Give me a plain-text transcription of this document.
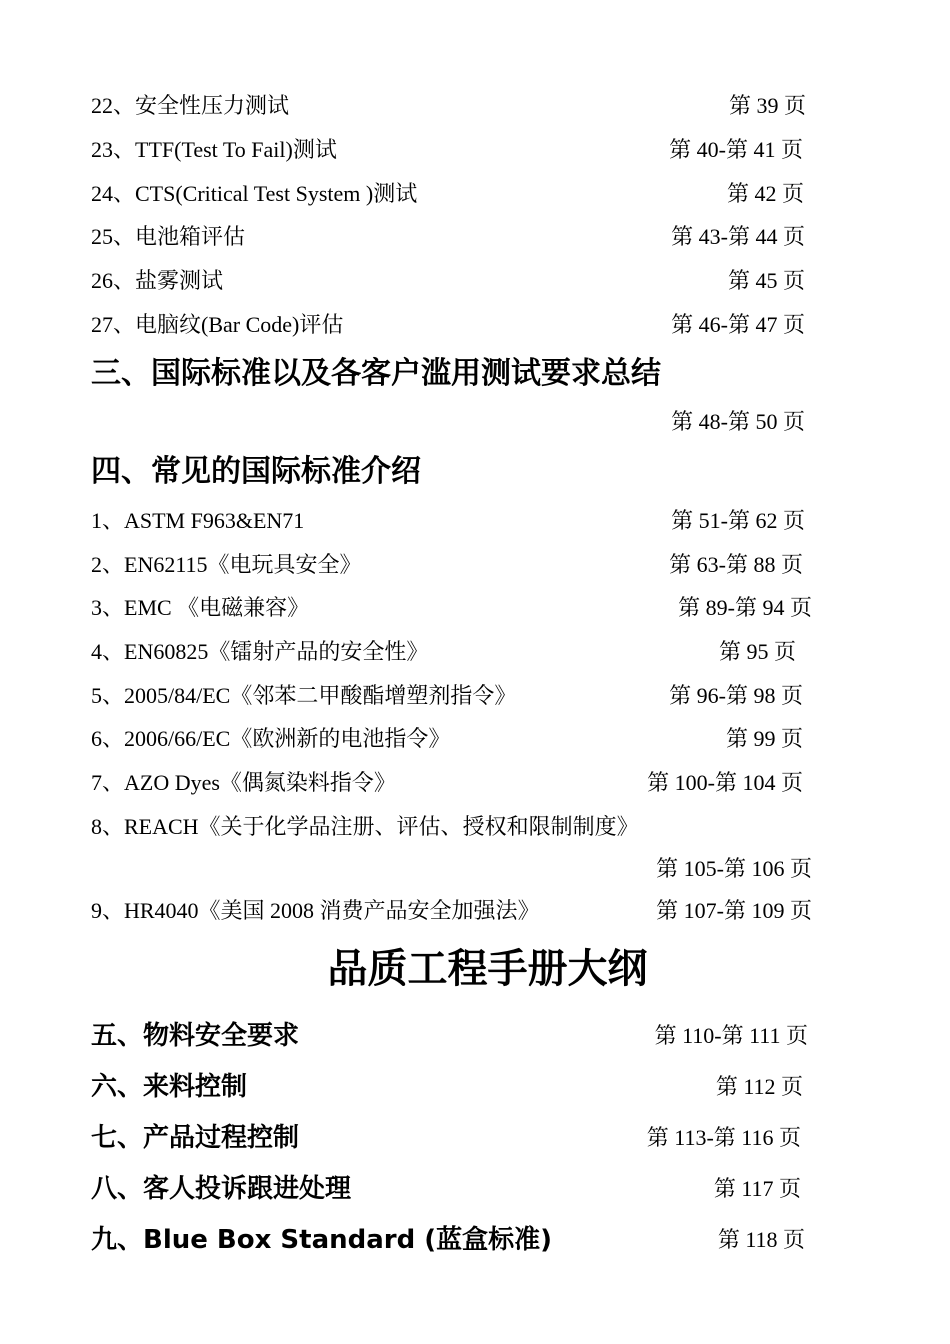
22、安全性压力测试	第 39 页
23、TTF(Test To Fail)测试	第 40-第 41 页
24、CTS(Critical Test System )测试	第 42 页
25、电池箱评估	第 43-第 44 页
26、盐雾测试	第 45 页
27、电脑纹(Bar Code)评估	第 46-第 47 页
三、国际标准以及各客户滥用测试要求总结
第 48-第 50 页
四、常见的国际标准介绍
1、ASTM F963&EN71	第 51-第 62 页
2、EN62115《电玩具安全》	第 63-第 88 页
3、EMC 《电磁兼容》	第 89-第 94 页
4、EN60825《镭射产品的安全性》	第 95 页
5、2005/84/EC《邻苯二甲酸酯增塑剂指令》	第 96-第 98 页
6、2006/66/EC《欧洲新的电池指令》	第 99 页
7、AZO Dyes《偶氮染料指令》	第 100-第 104 页
8、REACH《关于化学品注册、评估、授权和限制制度》
第 105-第 106 页
9、HR4040《美国 2008 消费产品安全加强法》	第 107-第 109 页
品质工程手册大纲
五、物料安全要求	第 110-第 111 页
六、来料控制	第 112 页
七、产品过程控制	第 113-第 116 页
八、客人投诉跟进处理	第 117 页
九、Blue Box Standard (蓝盒标准)	第 118 页
